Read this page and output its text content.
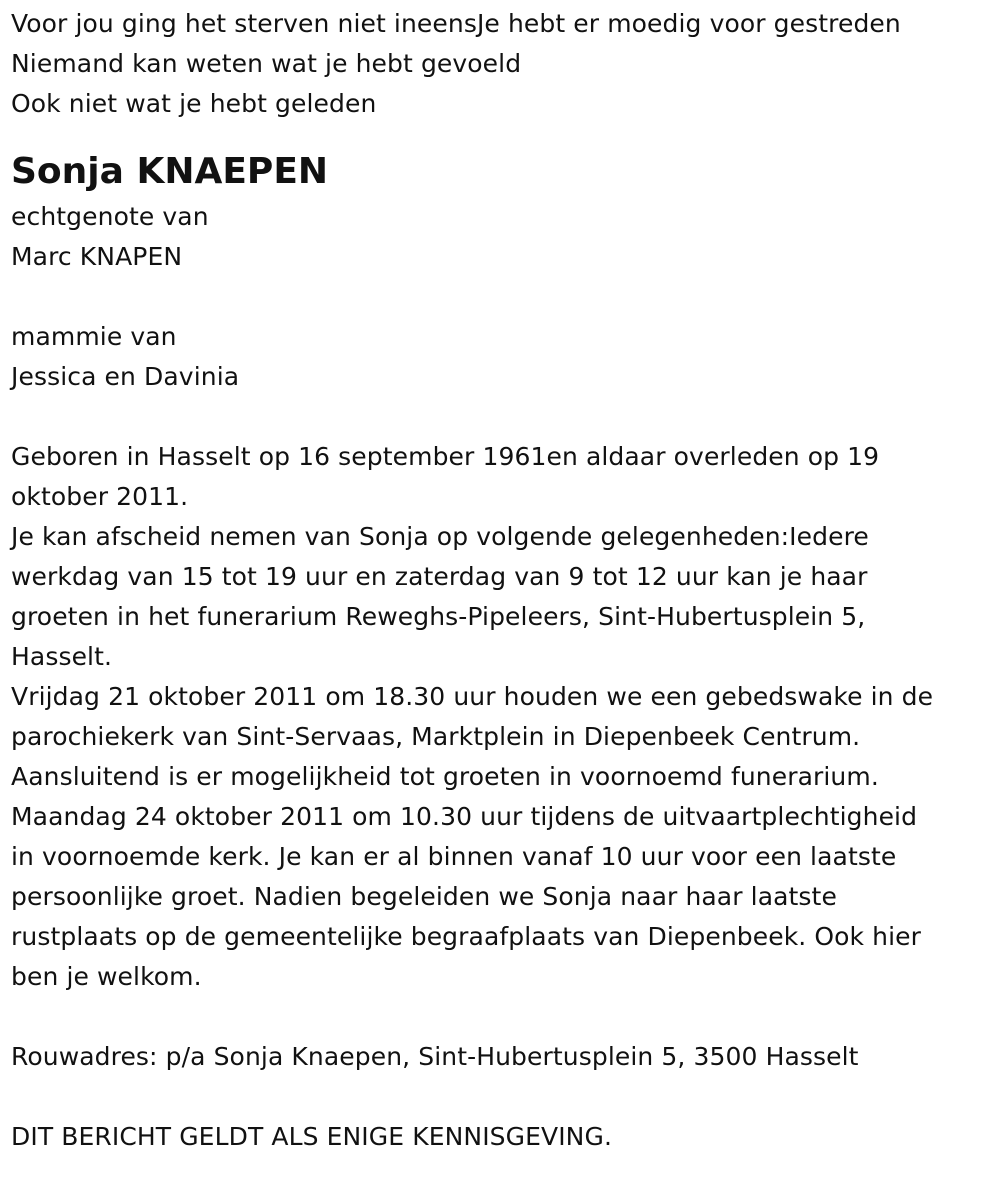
Voor jou ging het sterven niet ineensJe hebt er moedig voor gestreden
Niemand kan weten wat je hebt gevoeld
Ook niet wat je hebt geleden
Sonja KNAEPEN
echtgenote van
Marc KNAPEN
mammie van
Jessica en Davinia
Geboren in Hasselt op 16 september 1961en aldaar overleden op 19
oktober 2011.
Je kan afscheid nemen van Sonja op volgende gelegenheden:Iedere
werkdag van 15 tot 19 uur en zaterdag van 9 tot 12 uur kan je haar
groeten in het funerarium Reweghs-Pipeleers, Sint-Hubertusplein 5,
Hasselt.
Vrijdag 21 oktober 2011 om 18.30 uur houden we een gebedswake in de
parochiekerk van Sint-Servaas, Marktplein in Diepenbeek Centrum.
Aansluitend is er mogelijkheid tot groeten in voornoemd funerarium.
Maandag 24 oktober 2011 om 10.30 uur tijdens de uitvaartplechtigheid
in voornoemde kerk. Je kan er al binnen vanaf 10 uur voor een laatste
persoonlijke groet. Nadien begeleiden we Sonja naar haar laatste
rustplaats op de gemeentelijke begraafplaats van Diepenbeek. Ook hier
ben je welkom.
Rouwadres: p/a Sonja Knaepen, Sint-Hubertusplein 5, 3500 Hasselt
DIT BERICHT GELDT ALS ENIGE KENNISGEVING.
